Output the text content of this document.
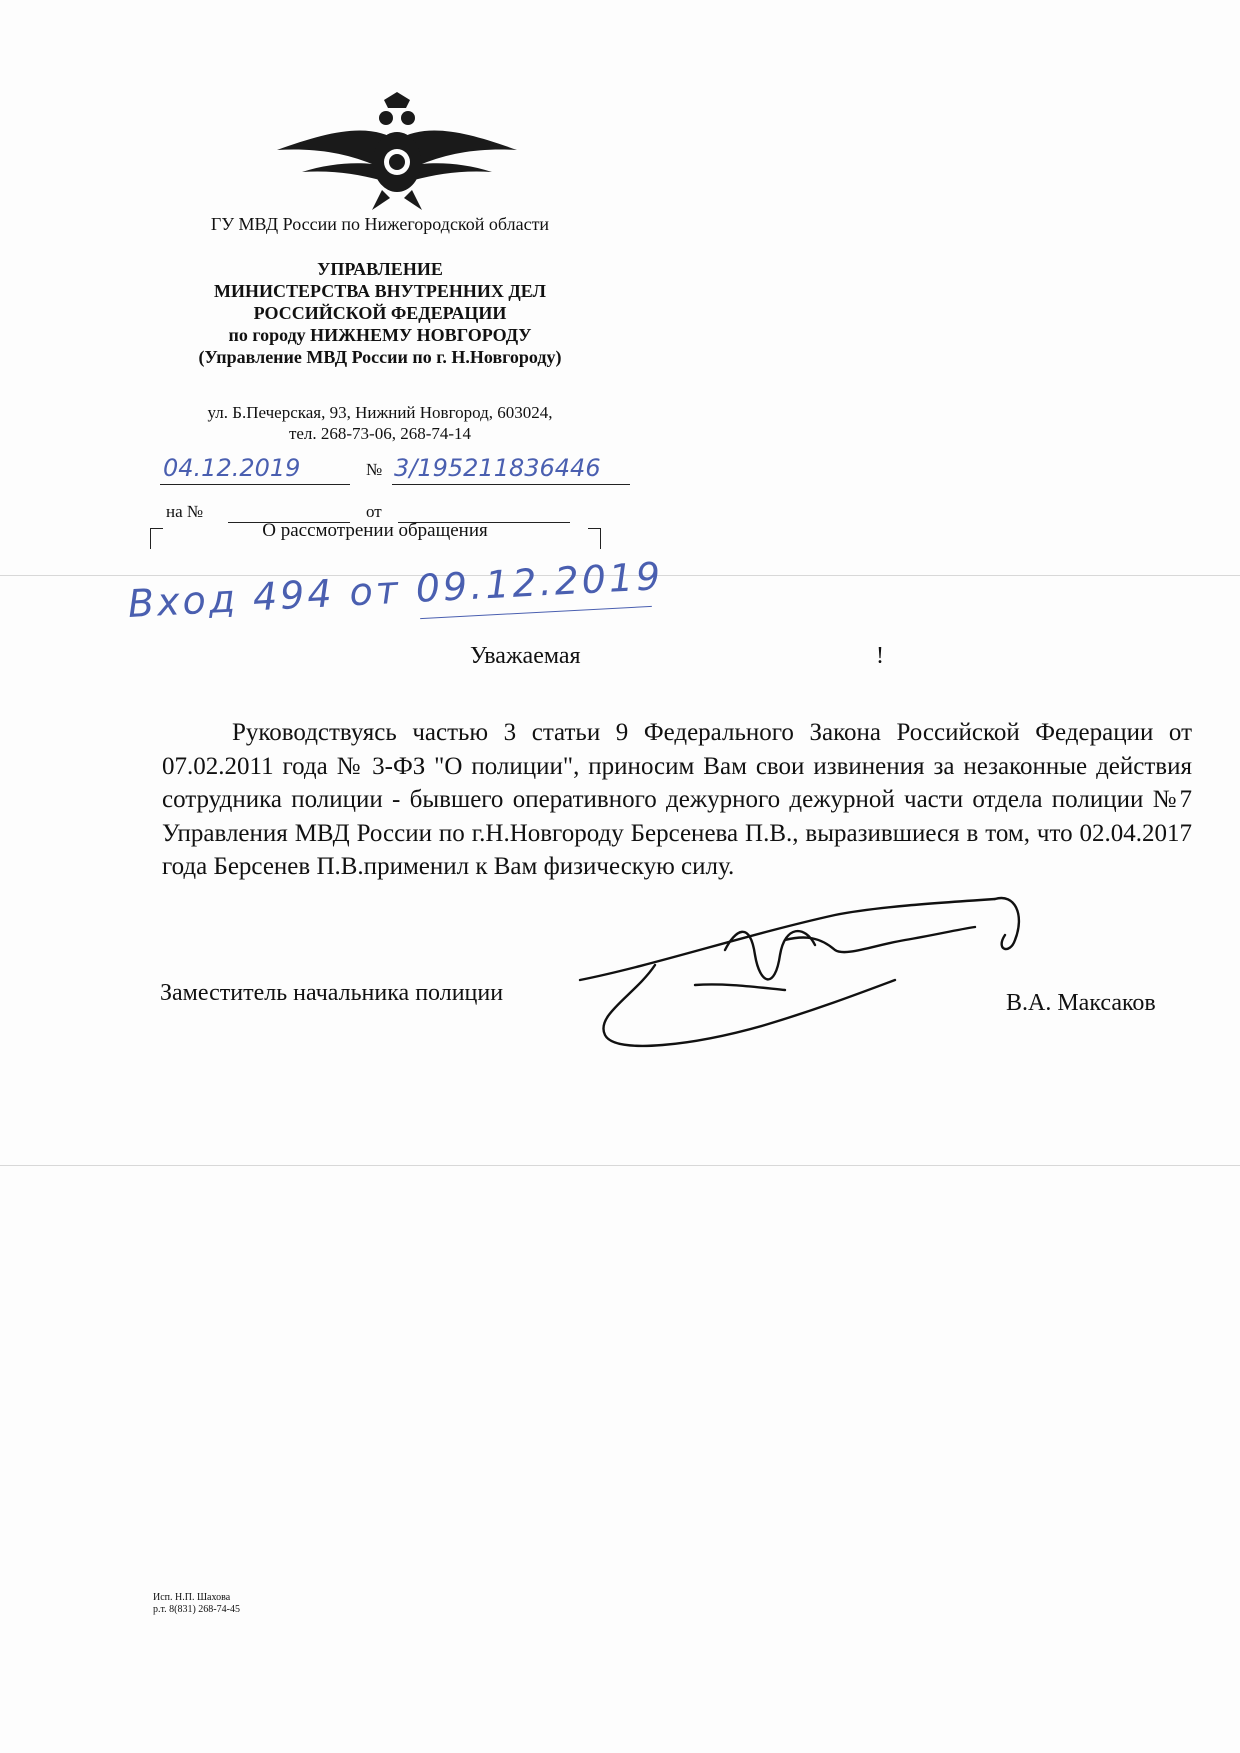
ГУ МВД России по Нижегородской области
УПРАВЛЕНИЕ
МИНИСТЕРСТВА ВНУТРЕННИХ ДЕЛ
РОССИЙСКОЙ ФЕДЕРАЦИИ
по городу НИЖНЕМУ НОВГОРОДУ
(Управление МВД России по г. Н.Новгороду)
ул. Б.Печерская, 93, Нижний Новгород, 603024,
тел. 268-73-06, 268-74-14
04.12.2019	№ 3/195211836446
на №	от
О рассмотрении обращения
Вход 494 от 09.12.2019
Уважаемая	!
Руководствуясь частью 3 статьи 9 Федерального Закона Российской Федерации от 07.02.2011 года № 3-ФЗ "О полиции", приносим Вам свои извинения за незаконные действия сотрудника полиции - бывшего оперативного дежурного дежурной части отдела полиции №7 Управления МВД России по г.Н.Новгороду Берсенева П.В., выразившиеся в том, что 02.04.2017 года Берсенев П.В.применил к Вам физическую силу.
Заместитель начальника полиции	В.А. Максаков
Исп. Н.П. Шахова
р.т. 8(831) 268-74-45
